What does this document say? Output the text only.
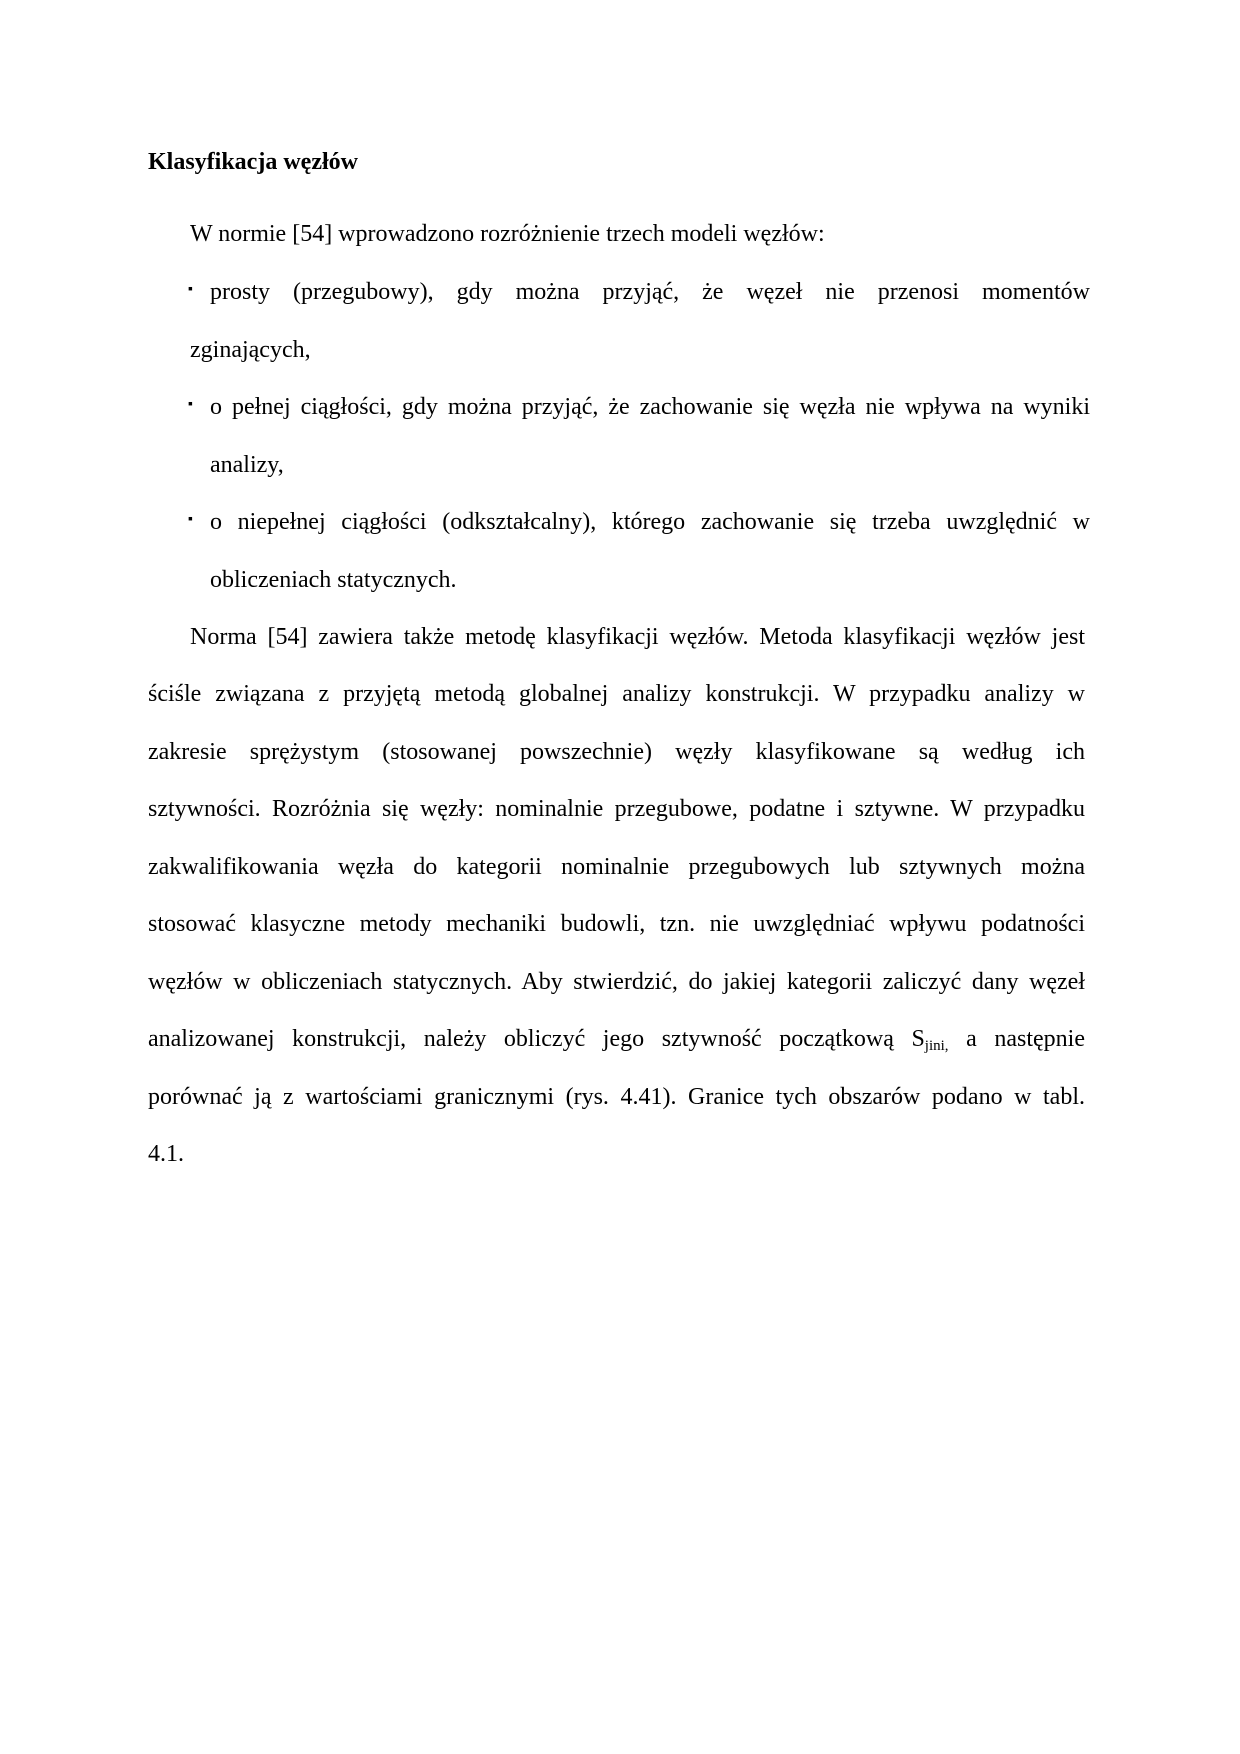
Klasyfikacja węzłów
W normie [54] wprowadzono rozróżnienie trzech modeli węzłów:
▪ prosty (przegubowy), gdy można przyjąć, że węzeł nie przenosi momentów
zginających,
▪ o pełnej ciągłości, gdy można przyjąć, że zachowanie się węzła nie wpływa na wyniki
analizy,
▪ o niepełnej ciągłości (odkształcalny), którego zachowanie się trzeba uwzględnić w
obliczeniach statycznych.
Norma [54] zawiera także metodę klasyfikacji węzłów. Metoda klasyfikacji węzłów jest
ściśle związana z przyjętą metodą globalnej analizy konstrukcji. W przypadku analizy w
zakresie sprężystym (stosowanej powszechnie) węzły klasyfikowane są według ich
sztywności. Rozróżnia się węzły: nominalnie przegubowe, podatne i sztywne. W przypadku
zakwalifikowania węzła do kategorii nominalnie przegubowych lub sztywnych można
stosować klasyczne metody mechaniki budowli, tzn. nie uwzględniać wpływu podatności
węzłów w obliczeniach statycznych. Aby stwierdzić, do jakiej kategorii zaliczyć dany węzeł
analizowanej konstrukcji, należy obliczyć jego sztywność początkową $S_{jini,}$ a następnie
porównać ją z wartościami granicznymi (rys. 4.41). Granice tych obszarów podano w tabl.
4.1.
